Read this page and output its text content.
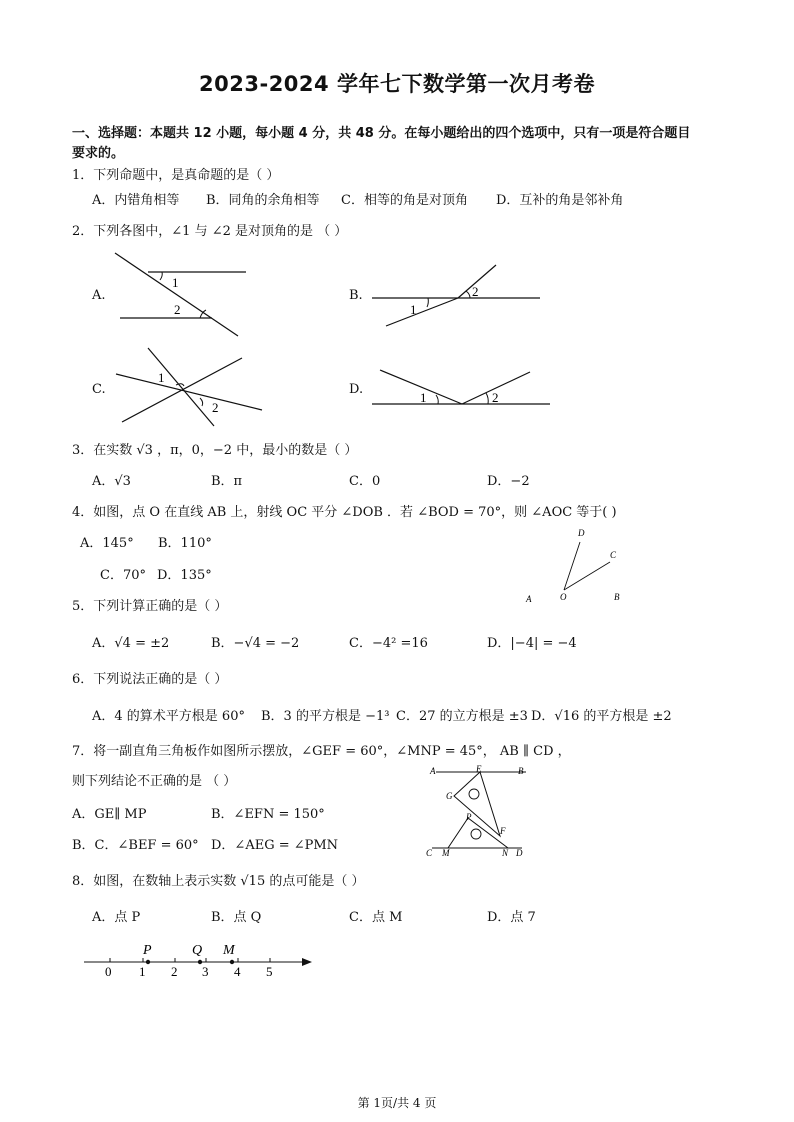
2023-2024 学年七下数学第一次月考卷
一、选择题：本题共 12 小题，每小题 4 分，共 48 分。在每小题给出的四个选项中，只有一项是符合题目
要求的。
1．下列命题中，是真命题的是（ ）
A．内错角相等 B．同角的余角相等 C．相等的角是对顶角 D．互补的角是邻补角
2．下列各图中，∠1 与 ∠2 是对顶角的是 （ ）
A.	B.
C.	D.
1
2	1
2
1
2
1	2
3．在实数 √3 ，π，0，−2 中，最小的数是（ ）
A．√3	B．π	C．0	D．−2
4．如图，点 O 在直线 AB 上，射线 OC 平分 ∠DOB ．若 ∠BOD = 70°，则 ∠AOC 等于( )
A．145° B．110°
C．70° D．135°
A	O	B
C
D
5．下列计算正确的是（ ）
A．√4 = ±2	B．−√4 = −2	C．−4² =16	D．|−4| = −4
6．下列说法正确的是（ ）
A．4 的算术平方根是 60° B．3 的平方根是 −1³ C．27 的立方根是 ±3 D．√16 的平方根是 ±2
7．将一副直角三角板作如图所示摆放，∠GEF = 60°，∠MNP = 45°， AB ∥ CD ，
则下列结论不正确的是 （ ）
A．GE∥ MP	B．∠EFN = 150°
B．C．∠BEF = 60° D．∠AEG = ∠PMN
A	E	B
G
P
F
C M	N D
8．如图，在数轴上表示实数 √15 的点可能是（ ）
A．点 P	B．点 Q	C．点 M	D．点 7
P	Q M
0 1 2 3 4 5
第 1页/共 4 页
